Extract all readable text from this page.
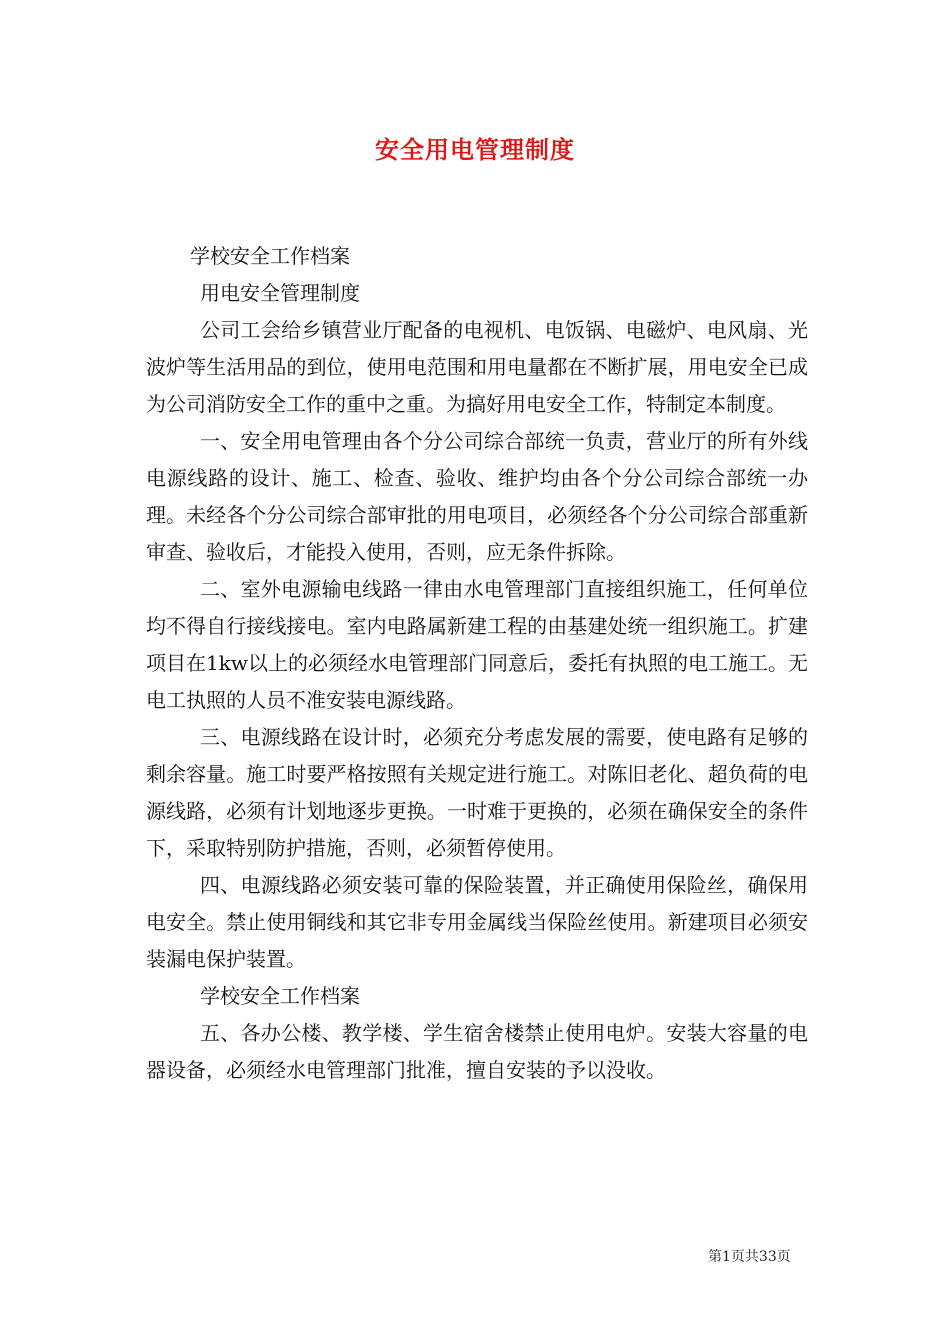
安全用电管理制度

学校安全工作档案

用电安全管理制度

公司工会给乡镇营业厅配备的电视机、电饭锅、电磁炉、电风扇、光波炉等生活用品的到位，使用电范围和用电量都在不断扩展，用电安全已成为公司消防安全工作的重中之重。为搞好用电安全工作，特制定本制度。

一、安全用电管理由各个分公司综合部统一负责，营业厅的所有外线电源线路的设计、施工、检查、验收、维护均由各个分公司综合部统一办理。未经各个分公司综合部审批的用电项目，必须经各个分公司综合部重新审查、验收后，才能投入使用，否则，应无条件拆除。

二、室外电源输电线路一律由水电管理部门直接组织施工，任何单位均不得自行接线接电。室内电路属新建工程的由基建处统一组织施工。扩建项目在1kw以上的必须经水电管理部门同意后，委托有执照的电工施工。无电工执照的人员不准安装电源线路。

三、电源线路在设计时，必须充分考虑发展的需要，使电路有足够的剩余容量。施工时要严格按照有关规定进行施工。对陈旧老化、超负荷的电源线路，必须有计划地逐步更换。一时难于更换的，必须在确保安全的条件下，采取特别防护措施，否则，必须暂停使用。

四、电源线路必须安装可靠的保险装置，并正确使用保险丝，确保用电安全。禁止使用铜线和其它非专用金属线当保险丝使用。新建项目必须安装漏电保护装置。

学校安全工作档案

五、各办公楼、教学楼、学生宿舍楼禁止使用电炉。安装大容量的电器设备，必须经水电管理部门批准，擅自安装的予以没收。

第1页共33页
